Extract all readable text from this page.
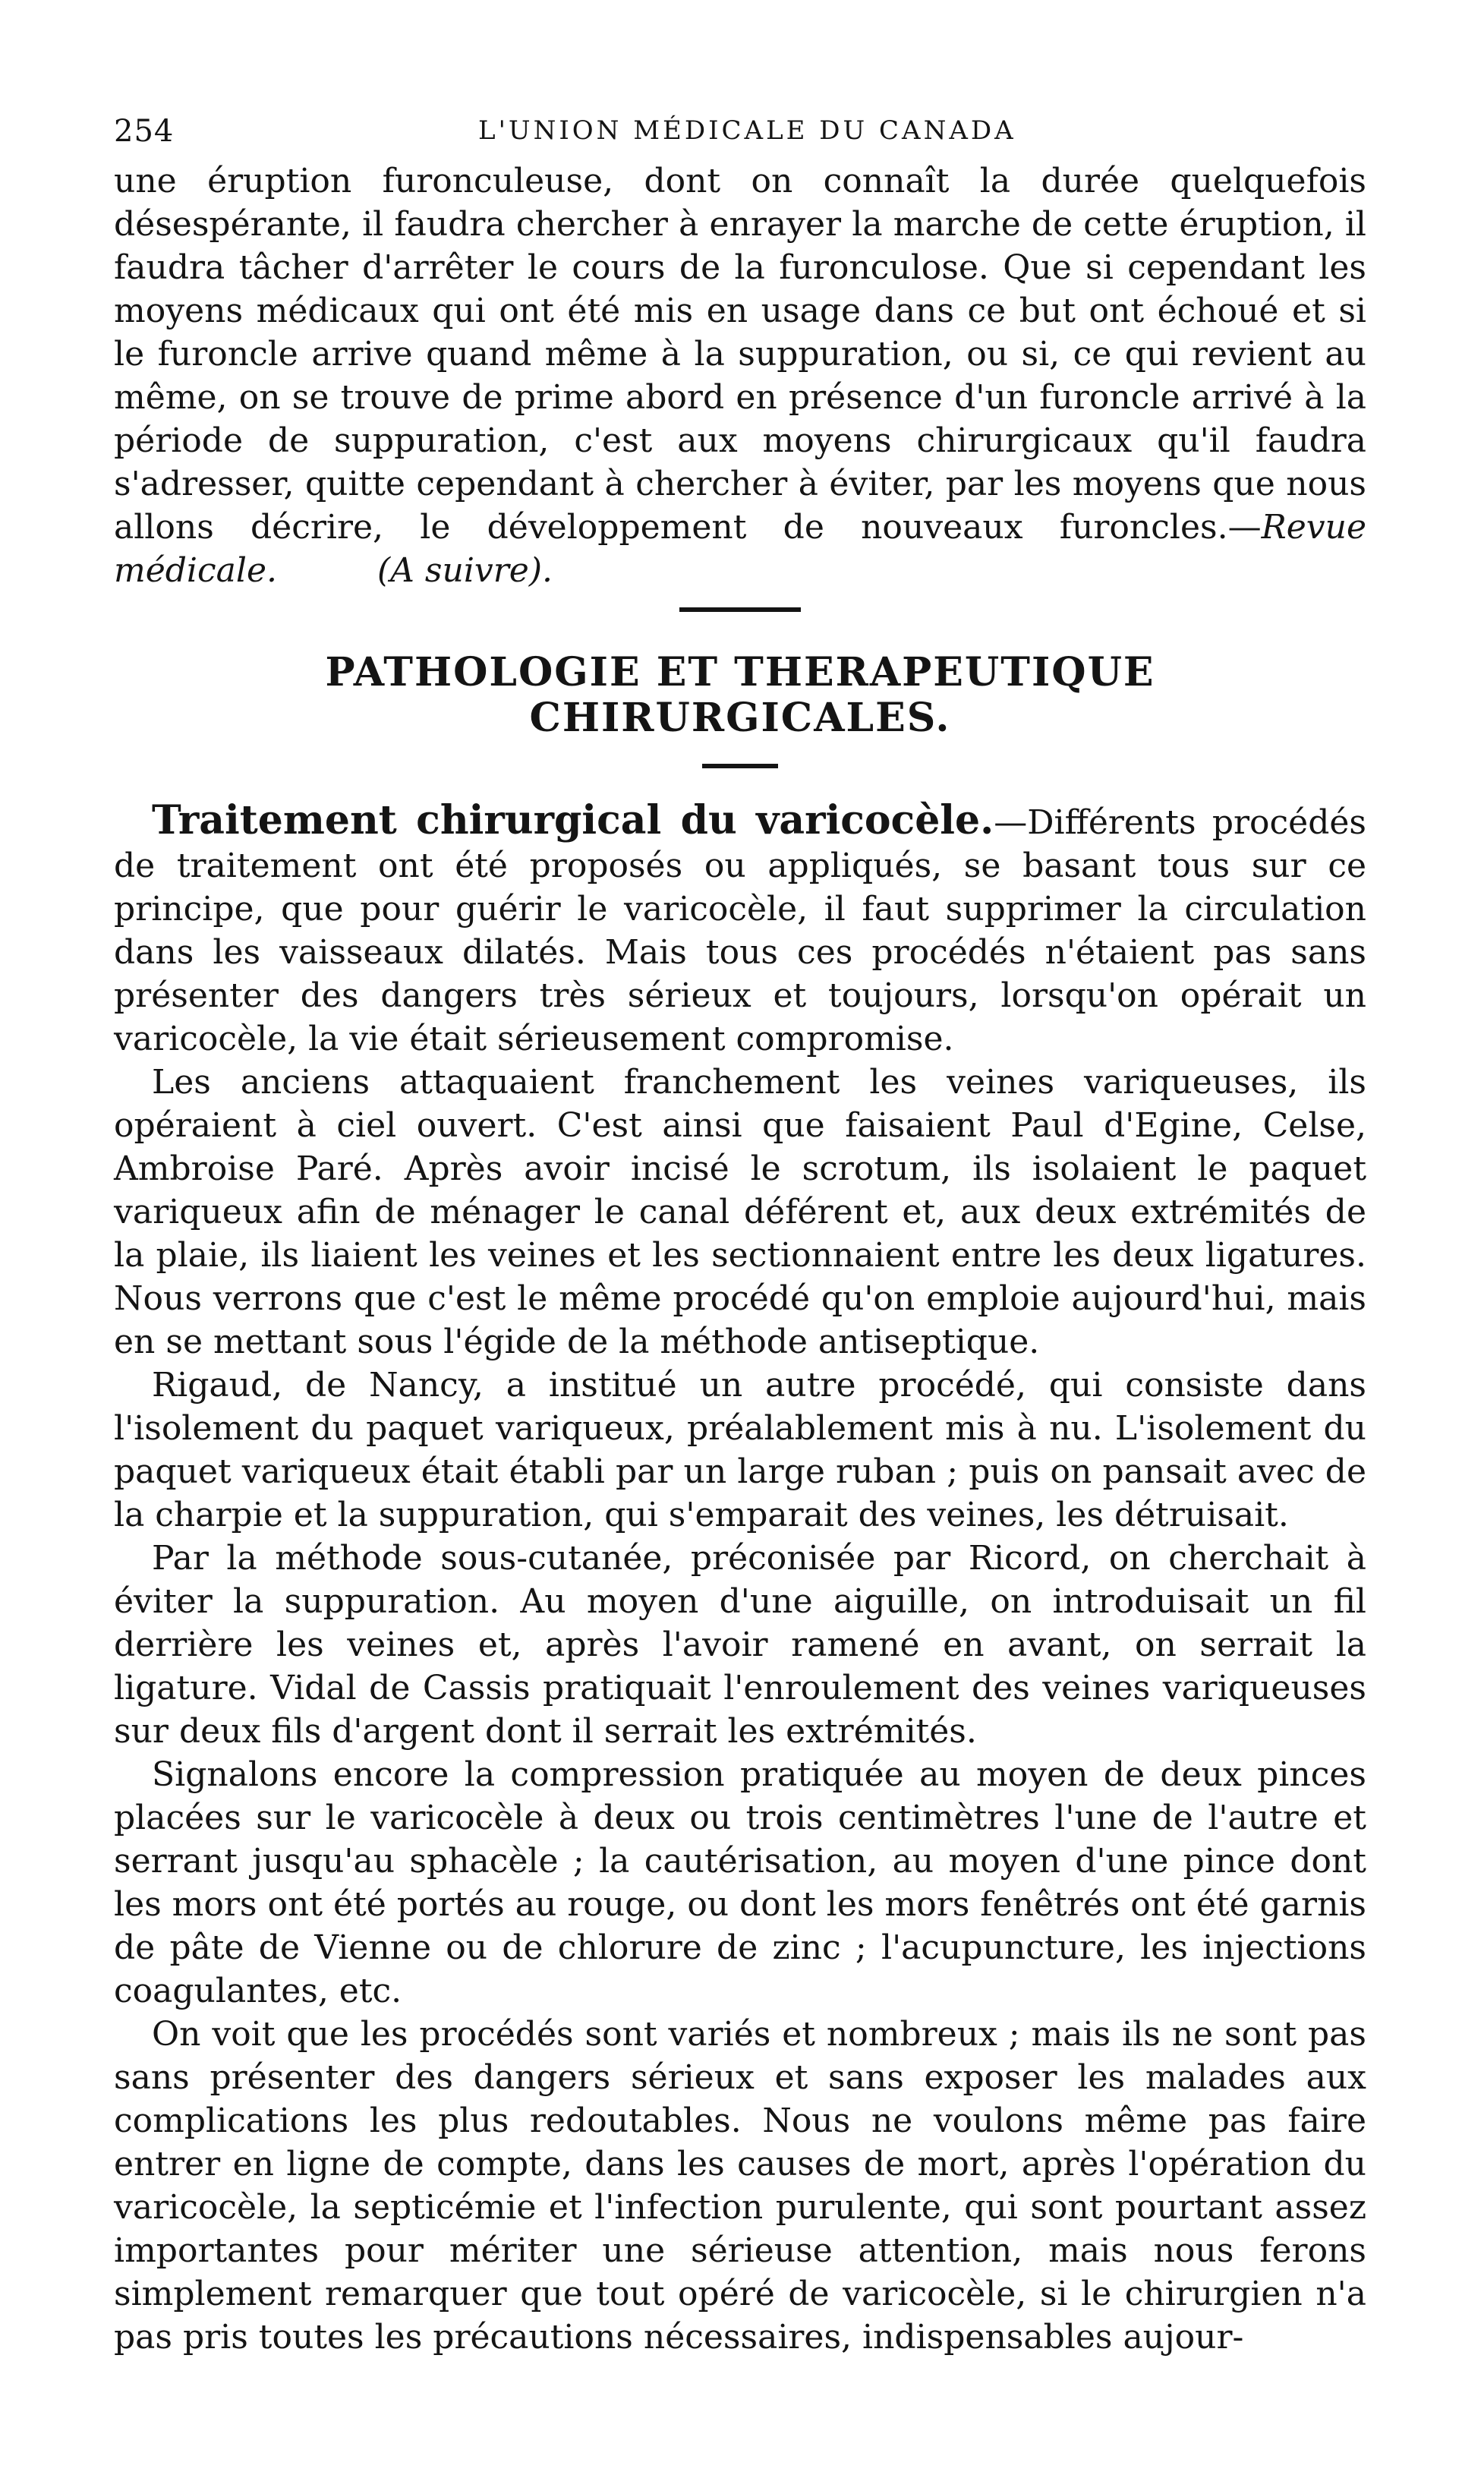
254	L'UNION MÉDICALE DU CANADA

une éruption furonculeuse, dont on connaît la durée quelquefois désespérante, il faudra chercher à enrayer la marche de cette éruption, il faudra tâcher d'arrêter le cours de la furonculose. Que si cependant les moyens médicaux qui ont été mis en usage dans ce but ont échoué et si le furoncle arrive quand même à la suppuration, ou si, ce qui revient au même, on se trouve de prime abord en présence d'un furoncle arrivé à la période de suppuration, c'est aux moyens chirurgicaux qu'il faudra s'adresser, quitte cependant à chercher à éviter, par les moyens que nous allons décrire, le développement de nouveaux furoncles.—Revue médicale.   	(A suivre).

PATHOLOGIE ET THERAPEUTIQUE CHIRURGICALES.

Traitement chirurgical du varicocèle.—Différents procédés de traitement ont été proposés ou appliqués, se basant tous sur ce principe, que pour guérir le varicocèle, il faut supprimer la circulation dans les vaisseaux dilatés. Mais tous ces procédés n'étaient pas sans présenter des dangers très sérieux et toujours, lorsqu'on opérait un varicocèle, la vie était sérieusement compromise.

Les anciens attaquaient franchement les veines variqueuses, ils opéraient à ciel ouvert. C'est ainsi que faisaient Paul d'Egine, Celse, Ambroise Paré. Après avoir incisé le scrotum, ils isolaient le paquet variqueux afin de ménager le canal déférent et, aux deux extrémités de la plaie, ils liaient les veines et les sectionnaient entre les deux ligatures. Nous verrons que c'est le même procédé qu'on emploie aujourd'hui, mais en se mettant sous l'égide de la méthode antiseptique.

Rigaud, de Nancy, a institué un autre procédé, qui consiste dans l'isolement du paquet variqueux, préalablement mis à nu. L'isolement du paquet variqueux était établi par un large ruban ; puis on pansait avec de la charpie et la suppuration, qui s'emparait des veines, les détruisait.

Par la méthode sous-cutanée, préconisée par Ricord, on cherchait à éviter la suppuration. Au moyen d'une aiguille, on introduisait un fil derrière les veines et, après l'avoir ramené en avant, on serrait la ligature. Vidal de Cassis pratiquait l'enroulement des veines variqueuses sur deux fils d'argent dont il serrait les extrémités.

Signalons encore la compression pratiquée au moyen de deux pinces placées sur le varicocèle à deux ou trois centimètres l'une de l'autre et serrant jusqu'au sphacèle ; la cautérisation, au moyen d'une pince dont les mors ont été portés au rouge, ou dont les mors fenêtrés ont été garnis de pâte de Vienne ou de chlorure de zinc ; l'acupuncture, les injections coagulantes, etc.

On voit que les procédés sont variés et nombreux ; mais ils ne sont pas sans présenter des dangers sérieux et sans exposer les malades aux complications les plus redoutables. Nous ne voulons même pas faire entrer en ligne de compte, dans les causes de mort, après l'opération du varicocèle, la septicémie et l'infection purulente, qui sont pourtant assez importantes pour mériter une sérieuse attention, mais nous ferons simplement remarquer que tout opéré de varicocèle, si le chirurgien n'a pas pris toutes les précautions nécessaires, indispensables aujour-
